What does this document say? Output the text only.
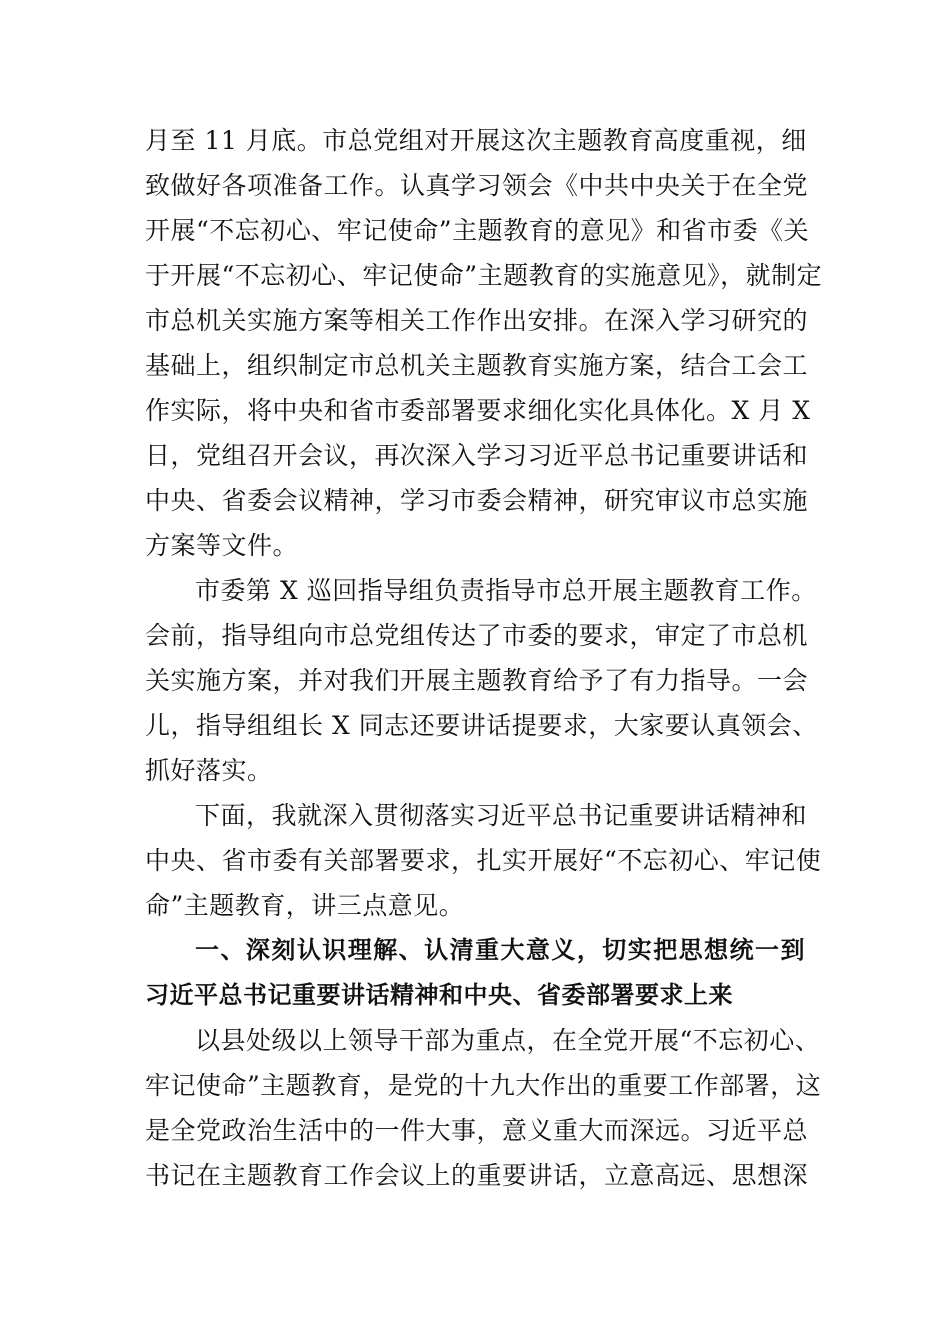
月至 11 月底。市总党组对开展这次主题教育高度重视，细
致做好各项准备工作。认真学习领会《中共中央关于在全党
开展“不忘初心、牢记使命”主题教育的意见》和省市委《关
于开展“不忘初心、牢记使命”主题教育的实施意见》，就制定
市总机关实施方案等相关工作作出安排。在深入学习研究的
基础上，组织制定市总机关主题教育实施方案，结合工会工
作实际，将中央和省市委部署要求细化实化具体化。X 月 X
日，党组召开会议，再次深入学习习近平总书记重要讲话和
中央、省委会议精神，学习市委会精神，研究审议市总实施
方案等文件。
市委第 X 巡回指导组负责指导市总开展主题教育工作。
会前，指导组向市总党组传达了市委的要求，审定了市总机
关实施方案，并对我们开展主题教育给予了有力指导。一会
儿，指导组组长 X 同志还要讲话提要求，大家要认真领会、
抓好落实。
下面，我就深入贯彻落实习近平总书记重要讲话精神和
中央、省市委有关部署要求，扎实开展好“不忘初心、牢记使
命”主题教育，讲三点意见。
一、深刻认识理解、认清重大意义，切实把思想统一到
习近平总书记重要讲话精神和中央、省委部署要求上来
以县处级以上领导干部为重点，在全党开展“不忘初心、
牢记使命”主题教育，是党的十九大作出的重要工作部署，这
是全党政治生活中的一件大事，意义重大而深远。习近平总
书记在主题教育工作会议上的重要讲话，立意高远、思想深
